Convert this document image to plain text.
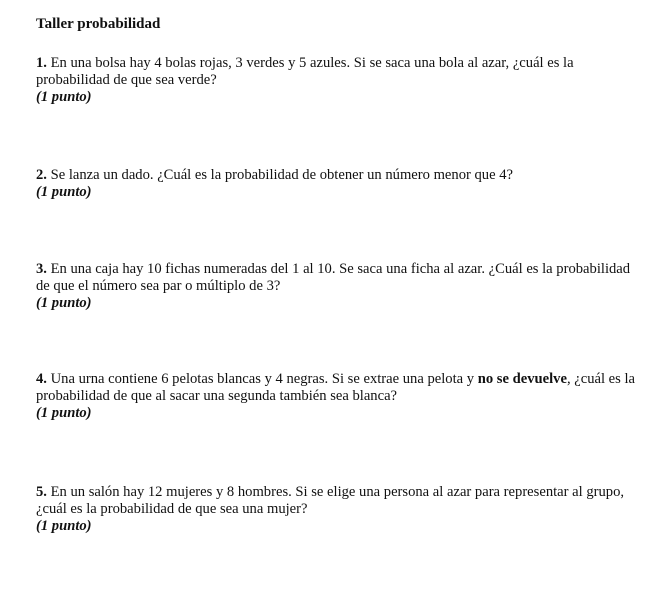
Taller probabilidad
1. En una bolsa hay 4 bolas rojas, 3 verdes y 5 azules. Si se saca una bola al azar, ¿cuál es la probabilidad de que sea verde?
(1 punto)
2. Se lanza un dado. ¿Cuál es la probabilidad de obtener un número menor que 4?
(1 punto)
3. En una caja hay 10 fichas numeradas del 1 al 10. Se saca una ficha al azar. ¿Cuál es la probabilidad de que el número sea par o múltiplo de 3?
(1 punto)
4. Una urna contiene 6 pelotas blancas y 4 negras. Si se extrae una pelota y no se devuelve, ¿cuál es la probabilidad de que al sacar una segunda también sea blanca?
(1 punto)
5. En un salón hay 12 mujeres y 8 hombres. Si se elige una persona al azar para representar al grupo, ¿cuál es la probabilidad de que sea una mujer?
(1 punto)
